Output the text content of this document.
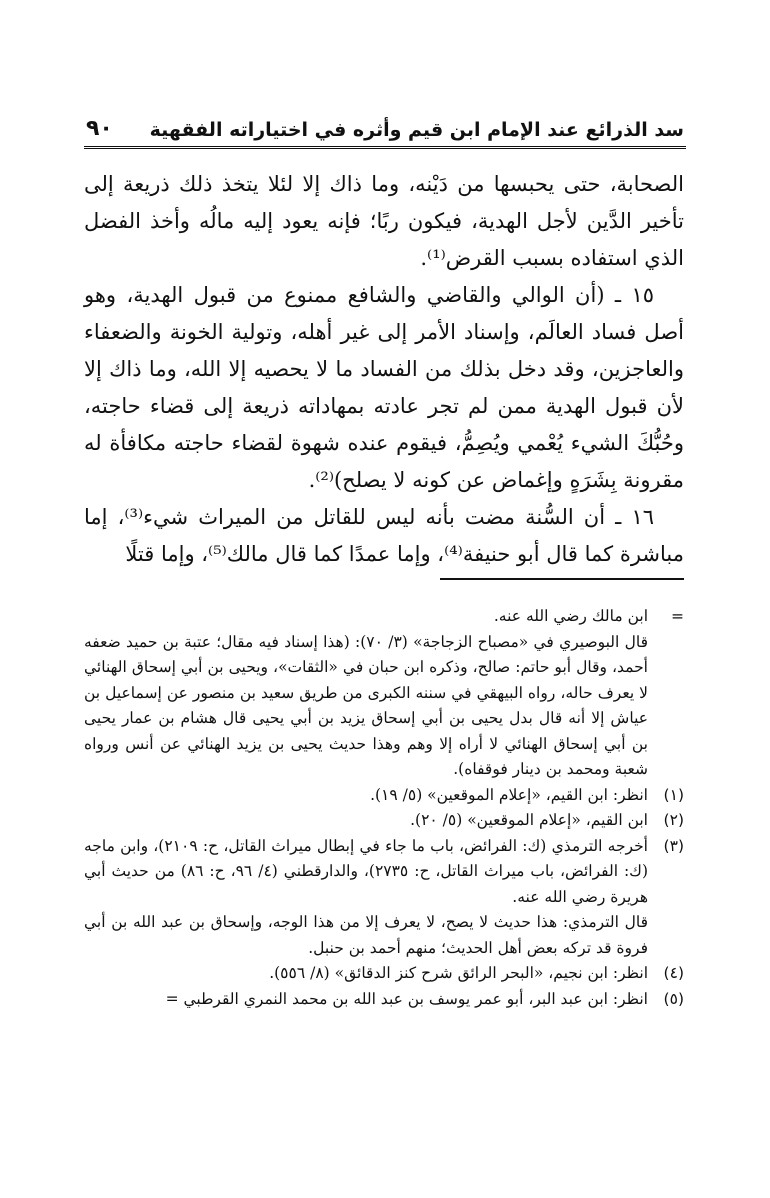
سد الذرائع عند الإمام ابن قيم وأثره في اختياراته الفقهية
٩٠

الصحابة، حتى يحبسها من دَيْنه، وما ذاك إلا لئلا يتخذ ذلك ذريعة إلى تأخير الدَّين لأجل الهدية، فيكون ربًا؛ فإنه يعود إليه مالُه وأخذ الفضل الذي استفاده بسبب القرض⁽¹⁾.

١٥ ـ (أن الوالي والقاضي والشافع ممنوع من قبول الهدية، وهو أصل فساد العالَم، وإسناد الأمر إلى غير أهله، وتولية الخونة والضعفاء والعاجزين، وقد دخل بذلك من الفساد ما لا يحصيه إلا الله، وما ذاك إلا لأن قبول الهدية ممن لم تجر عادته بمهاداته ذريعة إلى قضاء حاجته، وحُبُّكَ الشيء يُعْمي ويُصِمُّ، فيقوم عنده شهوة لقضاء حاجته مكافأة له مقرونة بِشَرَهٍ وإغماض عن كونه لا يصلح)⁽²⁾.

١٦ ـ أن السُّنة مضت بأنه ليس للقاتل من الميراث شيء⁽³⁾، إما مباشرة كما قال أبو حنيفة⁽⁴⁾، وإما عمدًا كما قال مالك⁽⁵⁾، وإما قتلًا

=

ابن مالك رضي الله عنه.

قال البوصيري في «مصباح الزجاجة» (٣/ ٧٠): (هذا إسناد فيه مقال؛ عتبة بن حميد ضعفه أحمد، وقال أبو حاتم: صالح، وذكره ابن حبان في «الثقات»، ويحيى بن أبي إسحاق الهنائي لا يعرف حاله، رواه البيهقي في سننه الكبرى من طريق سعيد بن منصور عن إسماعيل بن عياش إلا أنه قال بدل يحيى بن أبي إسحاق يزيد بن أبي يحيى قال هشام بن عمار يحيى بن أبي إسحاق الهنائي لا أراه إلا وهم وهذا حديث يحيى بن يزيد الهنائي عن أنس ورواه شعبة ومحمد بن دينار فوقفاه).

(١)

انظر: ابن القيم، «إعلام الموقعين» (٥/ ١٩).

(٢)

ابن القيم، «إعلام الموقعين» (٥/ ٢٠).

(٣)

أخرجه الترمذي (ك: الفرائض، باب ما جاء في إبطال ميراث القاتل، ح: ٢١٠٩)، وابن ماجه (ك: الفرائض، باب ميراث القاتل، ح: ٢٧٣٥)، والدارقطني (٤/ ٩٦، ح: ٨٦) من حديث أبي هريرة رضي الله عنه.

قال الترمذي: هذا حديث لا يصح، لا يعرف إلا من هذا الوجه، وإسحاق بن عبد الله بن أبي فروة قد تركه بعض أهل الحديث؛ منهم أحمد بن حنبل.

(٤)

انظر: ابن نجيم، «البحر الرائق شرح كنز الدقائق» (٨/ ٥٥٦).

(٥)

انظر: ابن عبد البر، أبو عمر يوسف بن عبد الله بن محمد النمري القرطبي =
